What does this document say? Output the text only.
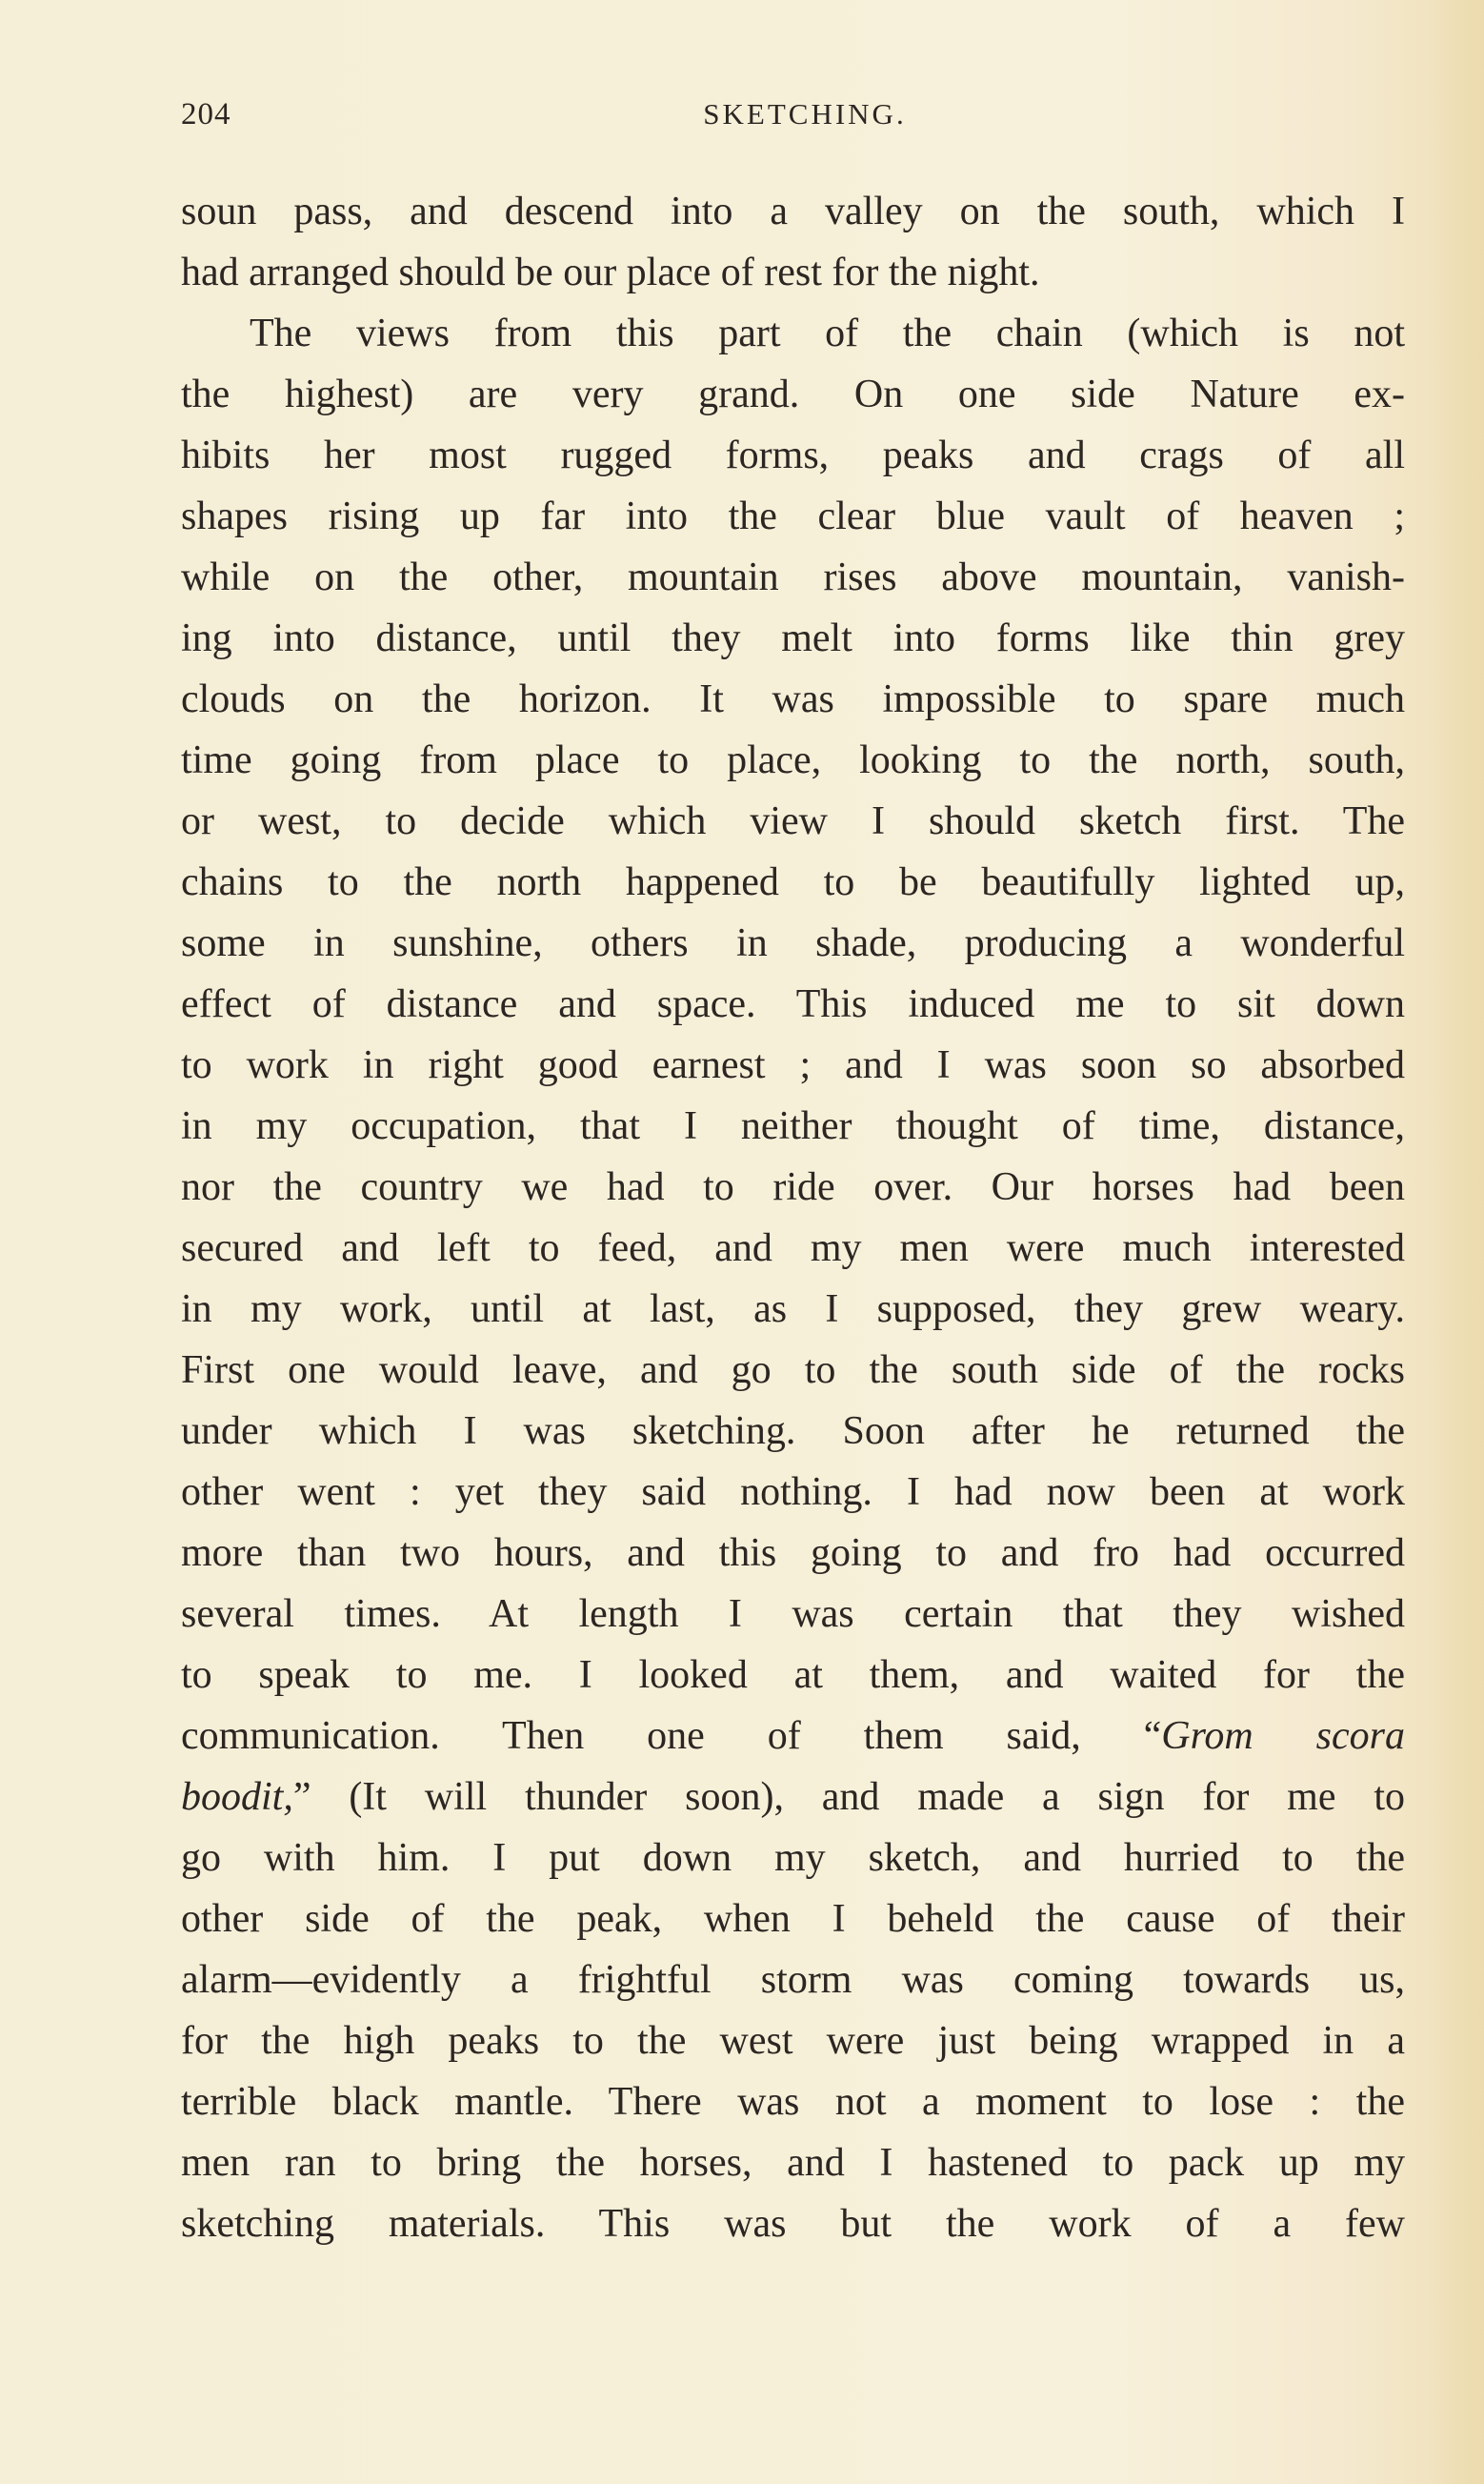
204	SKETCHING.
soun pass, and descend into a valley on the south, which I
had arranged should be our place of rest for the night.
The views from this part of the chain (which is not
the highest) are very grand. On one side Nature ex-
hibits her most rugged forms, peaks and crags of all
shapes rising up far into the clear blue vault of heaven ;
while on the other, mountain rises above mountain, vanish-
ing into distance, until they melt into forms like thin grey
clouds on the horizon. It was impossible to spare much
time going from place to place, looking to the north, south,
or west, to decide which view I should sketch first. The
chains to the north happened to be beautifully lighted up,
some in sunshine, others in shade, producing a wonderful
effect of distance and space. This induced me to sit down
to work in right good earnest ; and I was soon so absorbed
in my occupation, that I neither thought of time, distance,
nor the country we had to ride over. Our horses had been
secured and left to feed, and my men were much interested
in my work, until at last, as I supposed, they grew weary.
First one would leave, and go to the south side of the rocks
under which I was sketching. Soon after he returned the
other went : yet they said nothing. I had now been at work
more than two hours, and this going to and fro had occurred
several times. At length I was certain that they wished
to speak to me. I looked at them, and waited for the
communication. Then one of them said, “Grom scora
boodit,” (It will thunder soon), and made a sign for me to
go with him. I put down my sketch, and hurried to the
other side of the peak, when I beheld the cause of their
alarm—evidently a frightful storm was coming towards us,
for the high peaks to the west were just being wrapped in a
terrible black mantle. There was not a moment to lose : the
men ran to bring the horses, and I hastened to pack up my
sketching materials. This was but the work of a few
